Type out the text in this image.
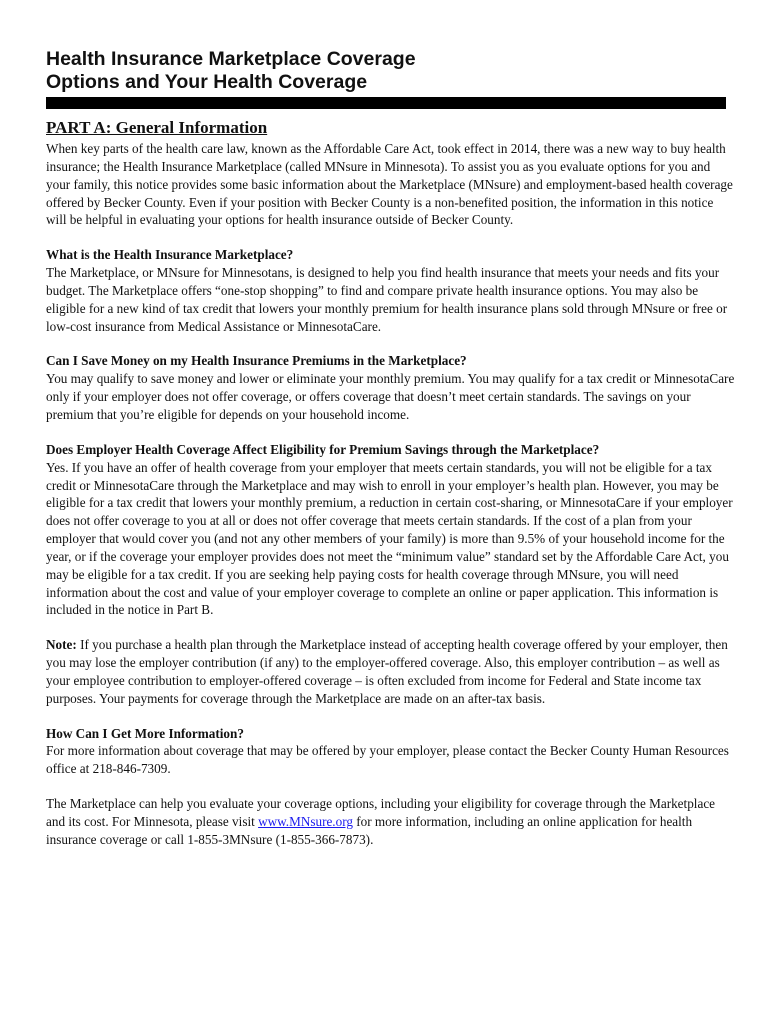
Health Insurance Marketplace Coverage
Options and Your Health Coverage
PART A: General Information

When key parts of the health care law, known as the Affordable Care Act, took effect in 2014, there was a new way to buy health insurance; the Health Insurance Marketplace (called MNsure in Minnesota). To assist you as you evaluate options for you and your family, this notice provides some basic information about the Marketplace (MNsure) and employment-based health coverage offered by Becker County. Even if your position with Becker County is a non-benefited position, the information in this notice will be helpful in evaluating your options for health insurance outside of Becker County.

What is the Health Insurance Marketplace?

The Marketplace, or MNsure for Minnesotans, is designed to help you find health insurance that meets your needs and fits your budget. The Marketplace offers “one-stop shopping” to find and compare private health insurance options. You may also be eligible for a new kind of tax credit that lowers your monthly premium for health insurance plans sold through MNsure or free or low-cost insurance from Medical Assistance or MinnesotaCare.

Can I Save Money on my Health Insurance Premiums in the Marketplace?

You may qualify to save money and lower or eliminate your monthly premium. You may qualify for a tax credit or MinnesotaCare only if your employer does not offer coverage, or offers coverage that doesn’t meet certain standards. The savings on your premium that you’re eligible for depends on your household income.

Does Employer Health Coverage Affect Eligibility for Premium Savings through the Marketplace?

Yes. If you have an offer of health coverage from your employer that meets certain standards, you will not be eligible for a tax credit or MinnesotaCare through the Marketplace and may wish to enroll in your employer’s health plan. However, you may be eligible for a tax credit that lowers your monthly premium, a reduction in certain cost-sharing, or MinnesotaCare if your employer does not offer coverage to you at all or does not offer coverage that meets certain standards. If the cost of a plan from your employer that would cover you (and not any other members of your family) is more than 9.5% of your household income for the year, or if the coverage your employer provides does not meet the “minimum value” standard set by the Affordable Care Act, you may be eligible for a tax credit. If you are seeking help paying costs for health coverage through MNsure, you will need information about the cost and value of your employer coverage to complete an online or paper application. This information is included in the notice in Part B.

Note: If you purchase a health plan through the Marketplace instead of accepting health coverage offered by your employer, then you may lose the employer contribution (if any) to the employer-offered coverage. Also, this employer contribution – as well as your employee contribution to employer-offered coverage – is often excluded from income for Federal and State income tax purposes. Your payments for coverage through the Marketplace are made on an after-tax basis.

How Can I Get More Information?

For more information about coverage that may be offered by your employer, please contact the Becker County Human Resources office at 218-846-7309.

The Marketplace can help you evaluate your coverage options, including your eligibility for coverage through the Marketplace and its cost. For Minnesota, please visit www.MNsure.org for more information, including an online application for health insurance coverage or call 1-855-3MNsure (1-855-366-7873).
